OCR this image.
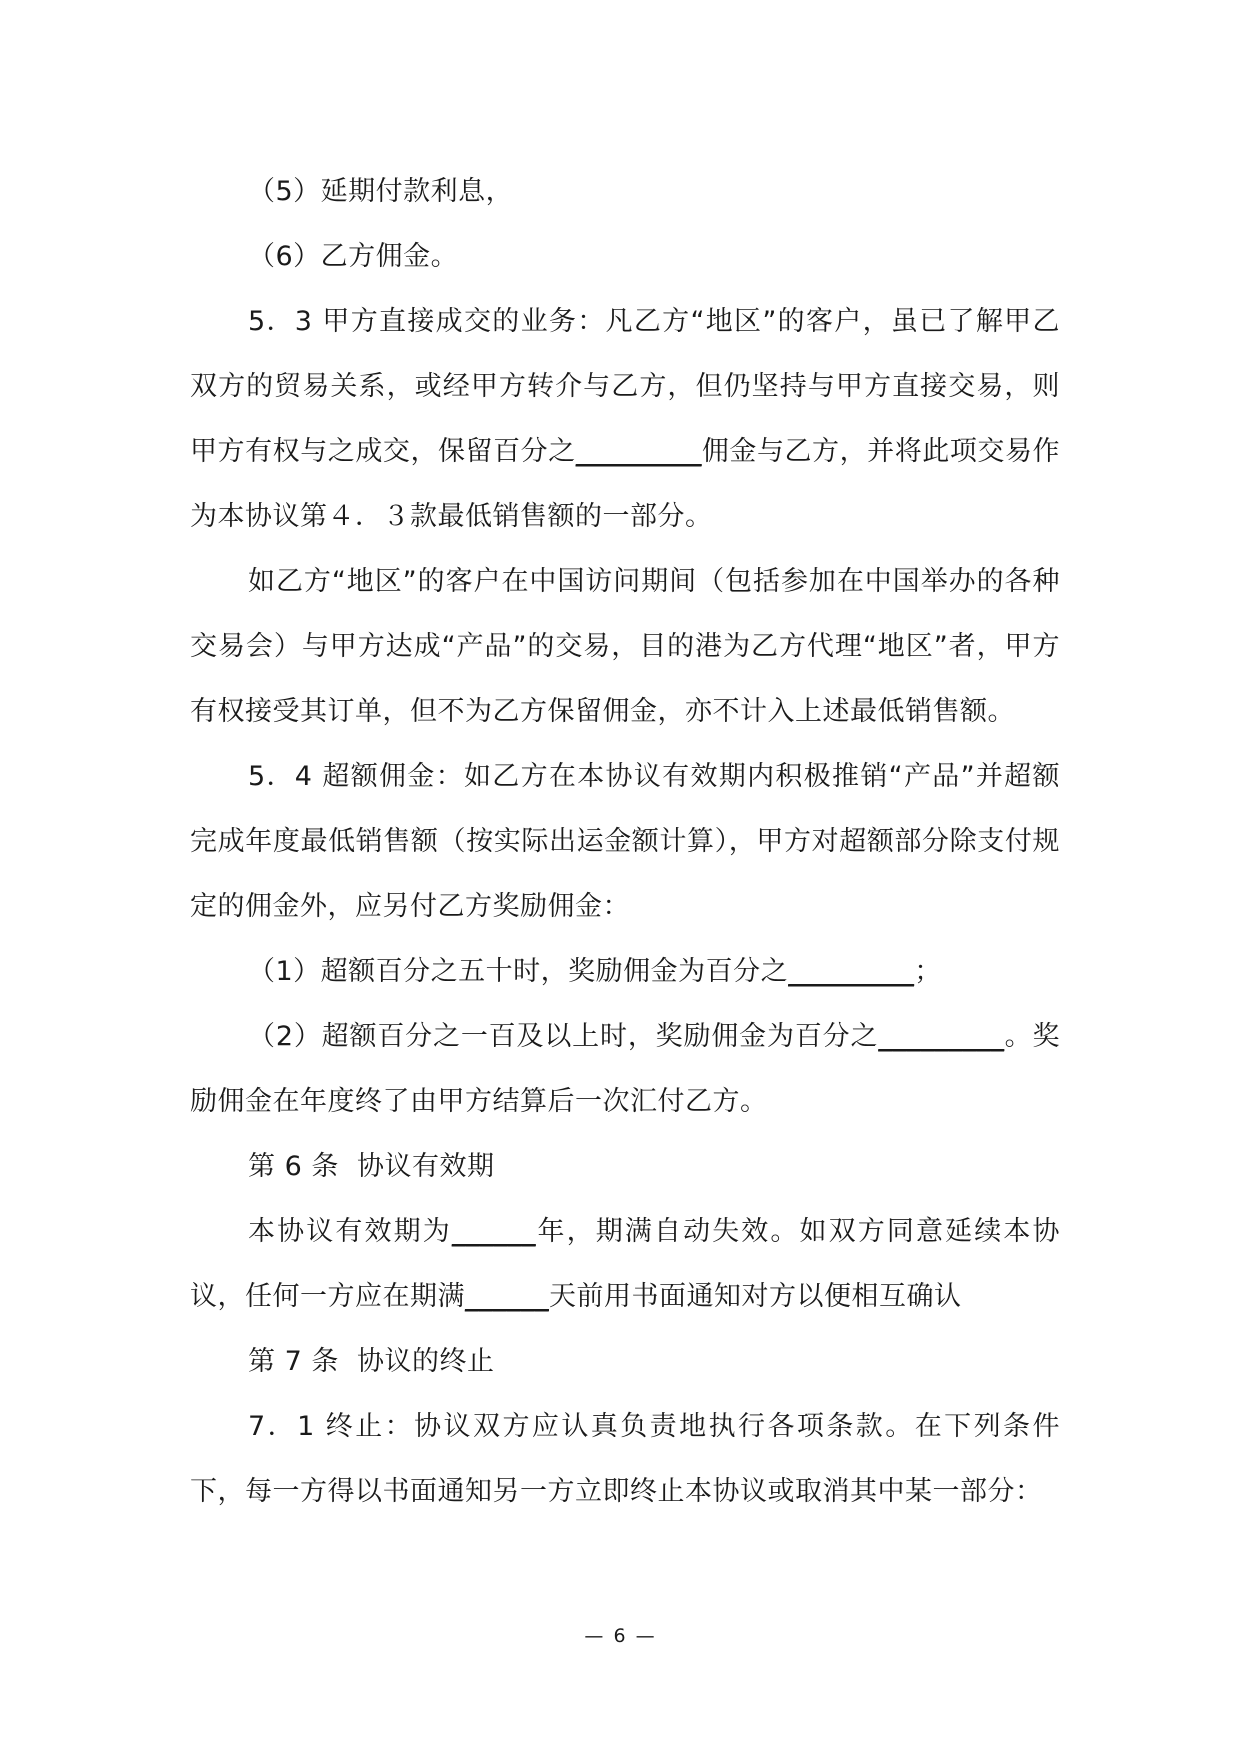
（5）延期付款利息，

（6）乙方佣金。

5．3 甲方直接成交的业务：凡乙方“地区”的客户，虽已了解甲乙双方的贸易关系，或经甲方转介与乙方，但仍坚持与甲方直接交易，则甲方有权与之成交，保留百分之_________佣金与乙方，并将此项交易作为本协议第４．３款最低销售额的一部分。

如乙方“地区”的客户在中国访问期间（包括参加在中国举办的各种交易会）与甲方达成“产品”的交易，目的港为乙方代理“地区”者，甲方有权接受其订单，但不为乙方保留佣金，亦不计入上述最低销售额。

5．4 超额佣金：如乙方在本协议有效期内积极推销“产品”并超额完成年度最低销售额（按实际出运金额计算），甲方对超额部分除支付规定的佣金外，应另付乙方奖励佣金：

（1）超额百分之五十时，奖励佣金为百分之_________；

（2）超额百分之一百及以上时，奖励佣金为百分之_________。奖励佣金在年度终了由甲方结算后一次汇付乙方。

第 6 条  协议有效期

本协议有效期为______年，期满自动失效。如双方同意延续本协议，任何一方应在期满______天前用书面通知对方以便相互确认

第 7 条  协议的终止

7．1 终止：协议双方应认真负责地执行各项条款。在下列条件下，每一方得以书面通知另一方立即终止本协议或取消其中某一部分：

— 6 —
